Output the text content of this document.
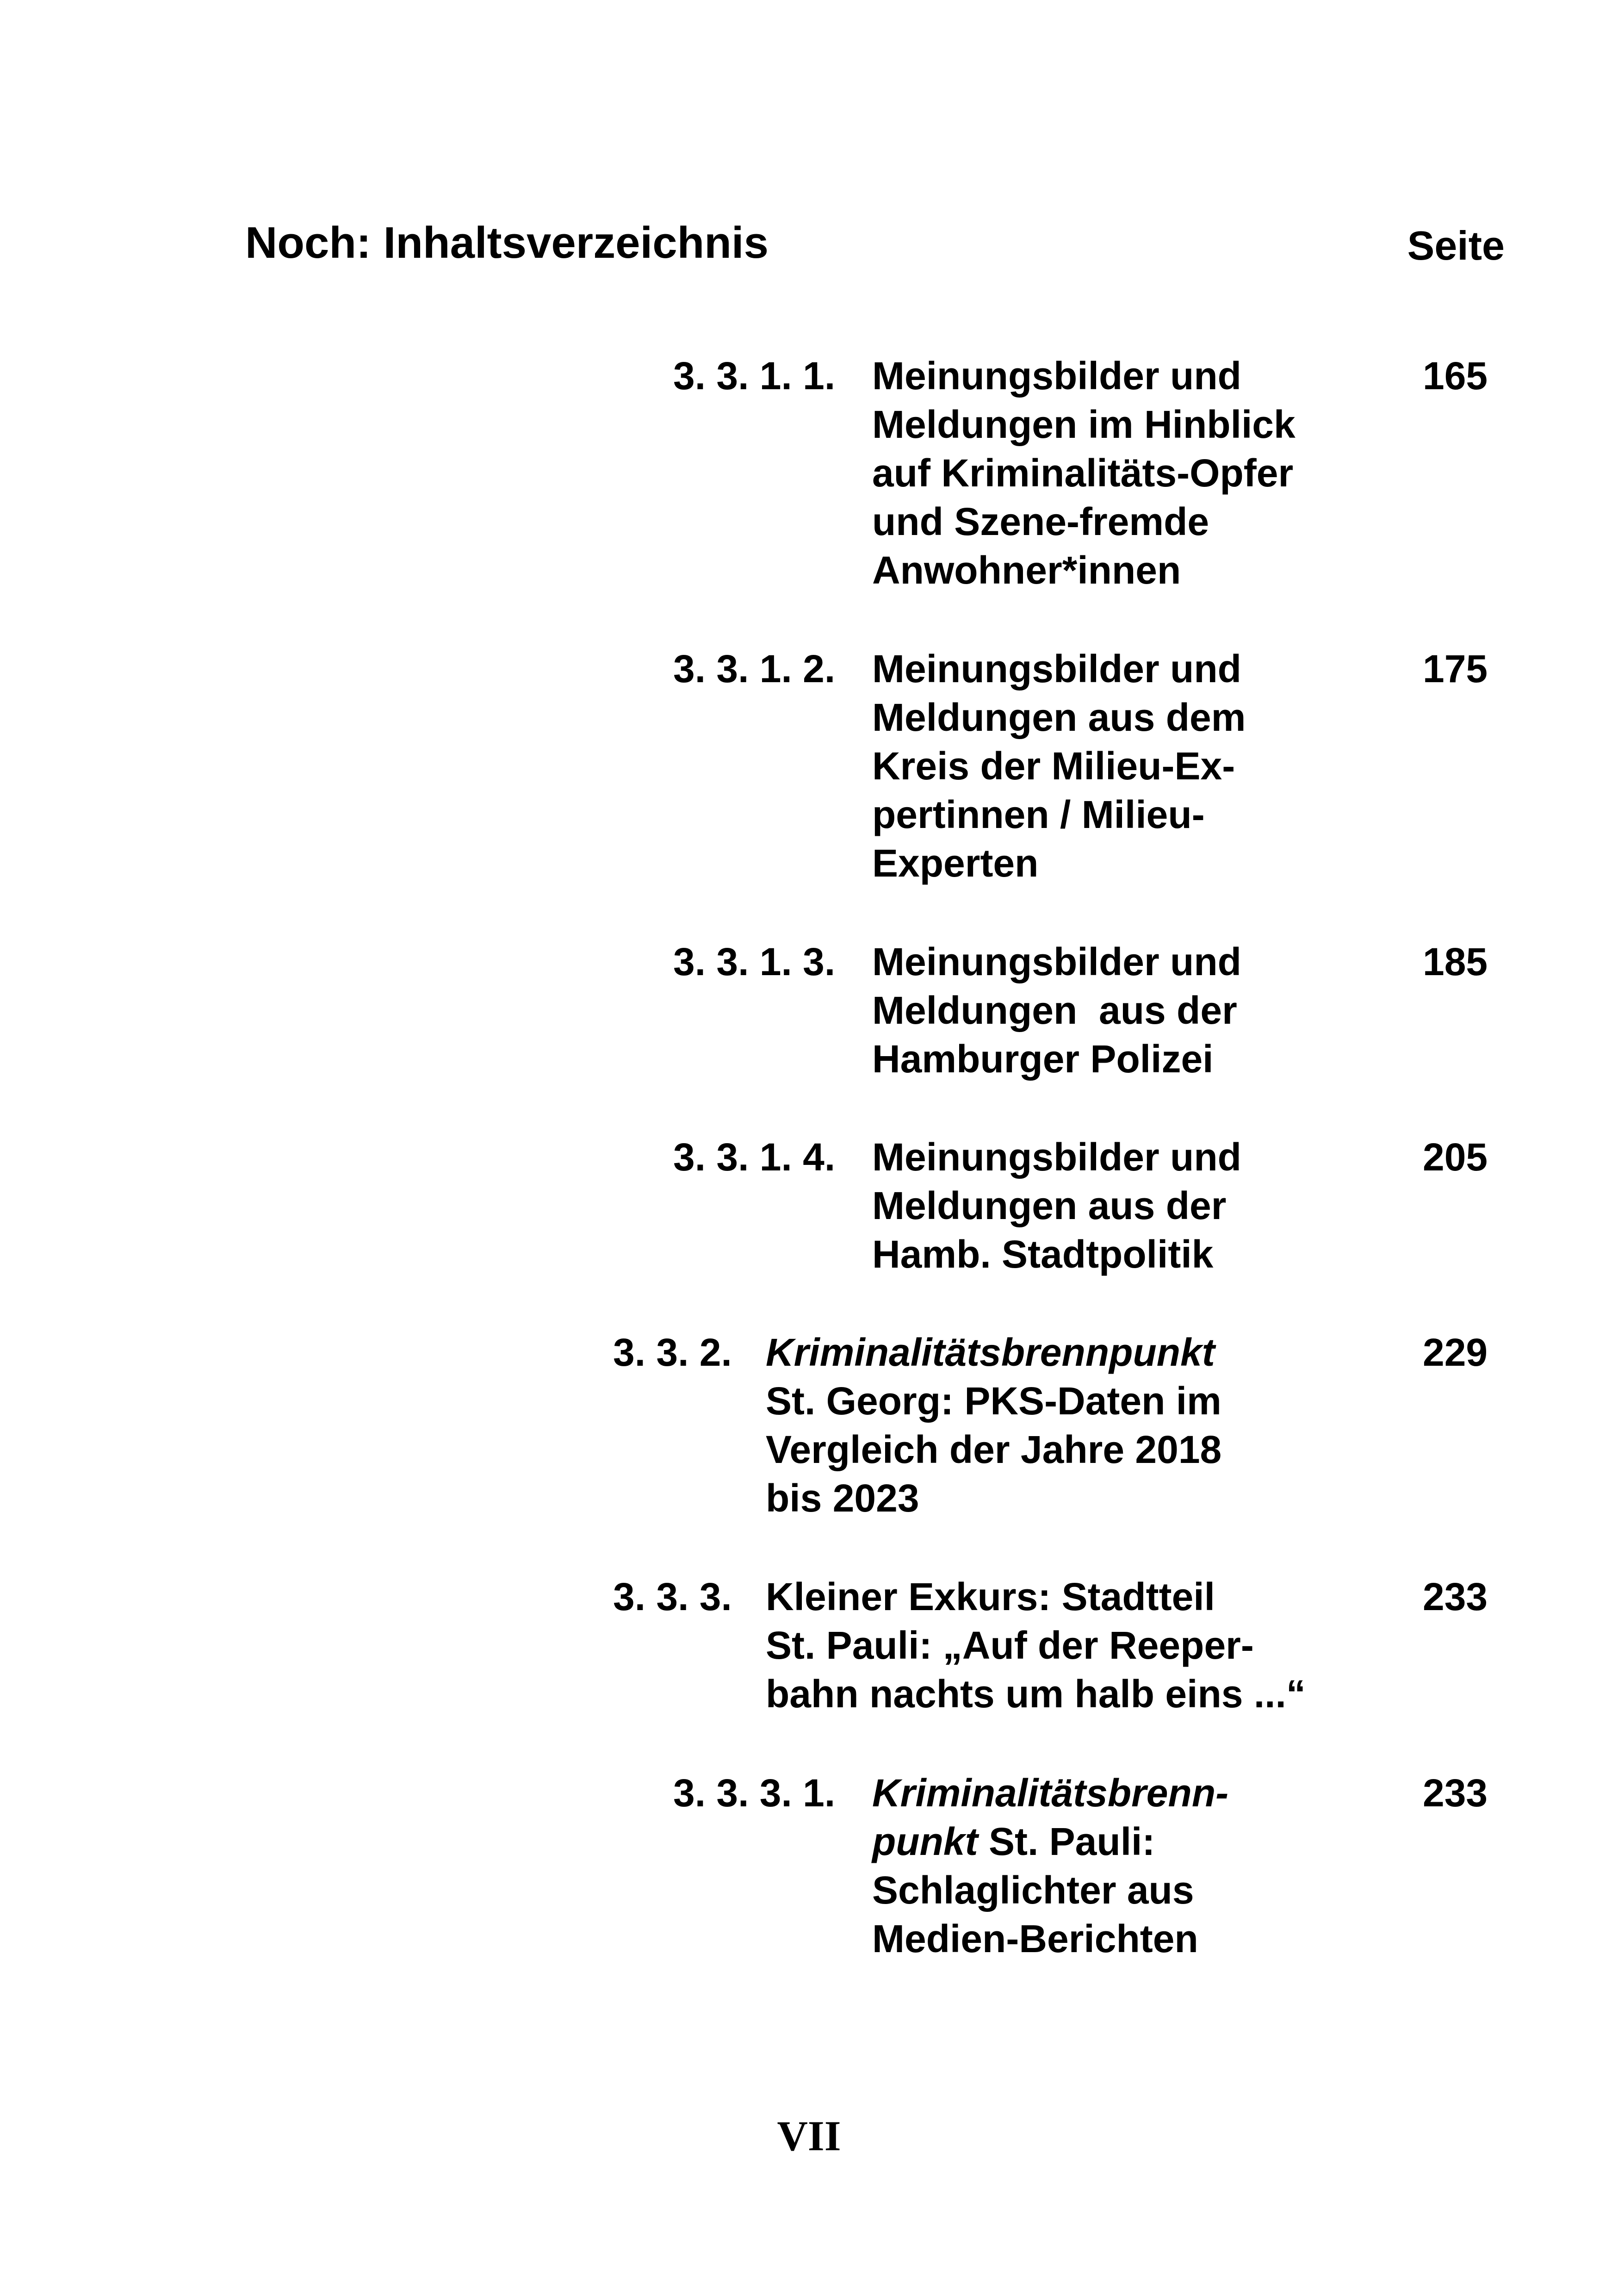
Noch: Inhaltsverzeichnis	Seite
3. 3. 1. 1. Meinungsbilder und
Meldungen im Hinblick
auf Kriminalitäts-Opfer
und Szene-fremde
Anwohner*innen
165
3. 3. 1. 2. Meinungsbilder und
Meldungen aus dem
Kreis der Milieu-Ex-
pertinnen / Milieu-
Experten
175
3. 3. 1. 3. Meinungsbilder und
Meldungen  aus der
Hamburger Polizei
185
3. 3. 1. 4. Meinungsbilder und
Meldungen aus der
Hamb. Stadtpolitik
205
3. 3. 2. Kriminalitätsbrennpunkt
St. Georg: PKS-Daten im
Vergleich der Jahre 2018
bis 2023
229
3. 3. 3. Kleiner Exkurs: Stadtteil
St. Pauli: „Auf der Reeper-
bahn nachts um halb eins ...“
233
3. 3. 3. 1. Kriminalitätsbrenn-
punkt St. Pauli:
Schlaglichter aus
Medien-Berichten
233
VII
